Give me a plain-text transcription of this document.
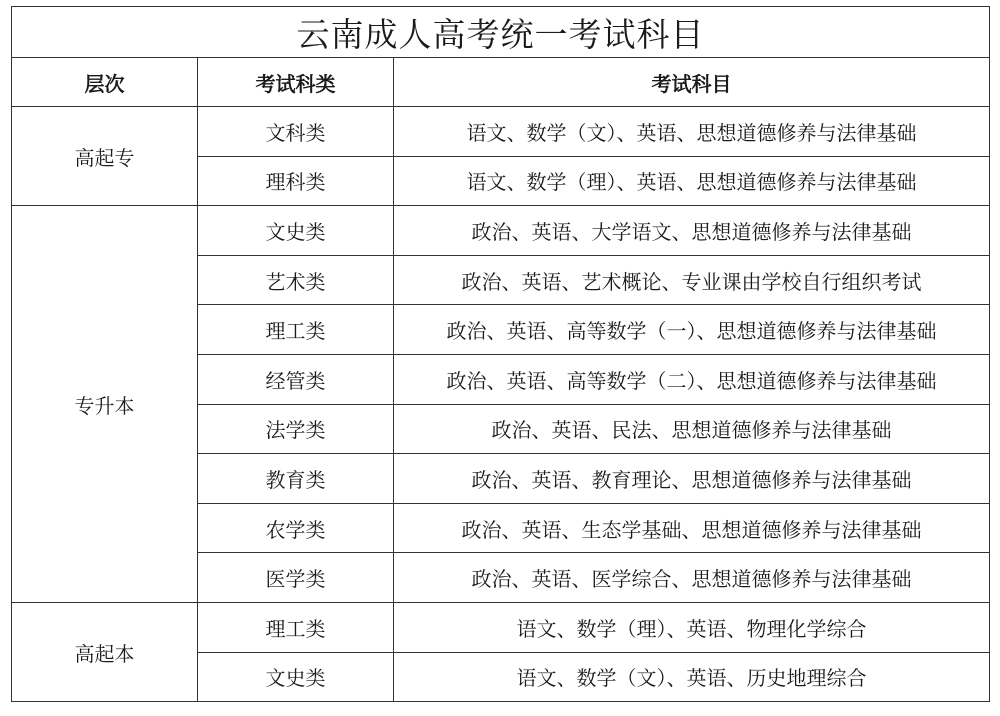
云南成人高考统一考试科目		
层次	考试科类	考试科目
高起专	文科类	语文、数学（文）、英语、思想道德修养与法律基础
	理科类	语文、数学（理）、英语、思想道德修养与法律基础
专升本	文史类	政治、英语、大学语文、思想道德修养与法律基础
	艺术类	政治、英语、艺术概论、专业课由学校自行组织考试
	理工类	政治、英语、高等数学（一）、思想道德修养与法律基础
	经管类	政治、英语、高等数学（二）、思想道德修养与法律基础
	法学类	政治、英语、民法、思想道德修养与法律基础
	教育类	政治、英语、教育理论、思想道德修养与法律基础
	农学类	政治、英语、生态学基础、思想道德修养与法律基础
	医学类	政治、英语、医学综合、思想道德修养与法律基础
高起本	理工类	语文、数学（理）、英语、物理化学综合
	文史类	语文、数学（文）、英语、历史地理综合
